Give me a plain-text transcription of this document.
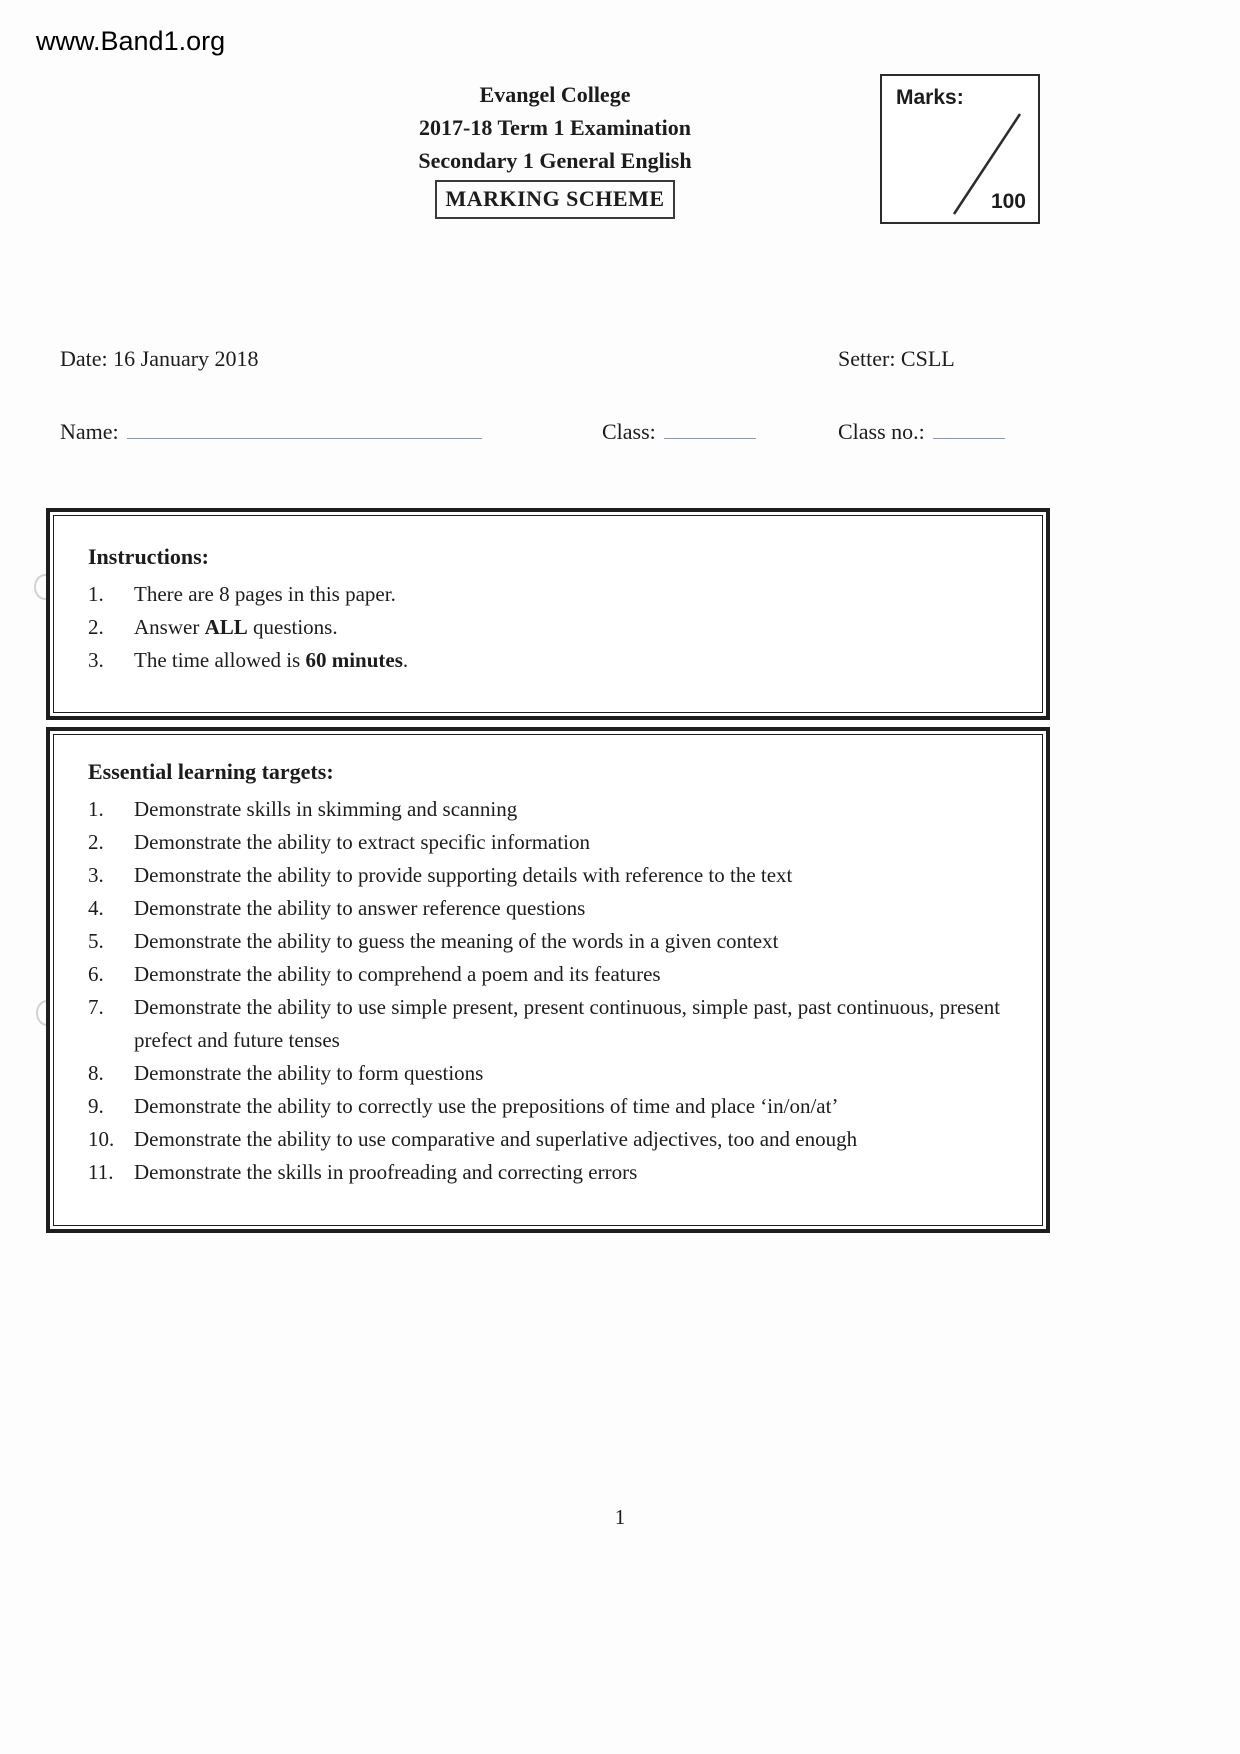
www.Band1.org
Evangel College
2017-18 Term 1 Examination
Secondary 1 General English
MARKING SCHEME
Marks:
100
Date: 16 January 2018	Setter: CSLL
Name:	Class:	Class no.:
Instructions:
1.	There are 8 pages in this paper.
2.	Answer ALL questions.
3.	The time allowed is 60 minutes.
Essential learning targets:
1.	Demonstrate skills in skimming and scanning
2.	Demonstrate the ability to extract specific information
3.	Demonstrate the ability to provide supporting details with reference to the text
4.	Demonstrate the ability to answer reference questions
5.	Demonstrate the ability to guess the meaning of the words in a given context
6.	Demonstrate the ability to comprehend a poem and its features
7.	Demonstrate the ability to use simple present, present continuous, simple past, past continuous, present prefect and future tenses
8.	Demonstrate the ability to form questions
9.	Demonstrate the ability to correctly use the prepositions of time and place ‘in/on/at’
10. Demonstrate the ability to use comparative and superlative adjectives, too and enough
11. Demonstrate the skills in proofreading and correcting errors
1
